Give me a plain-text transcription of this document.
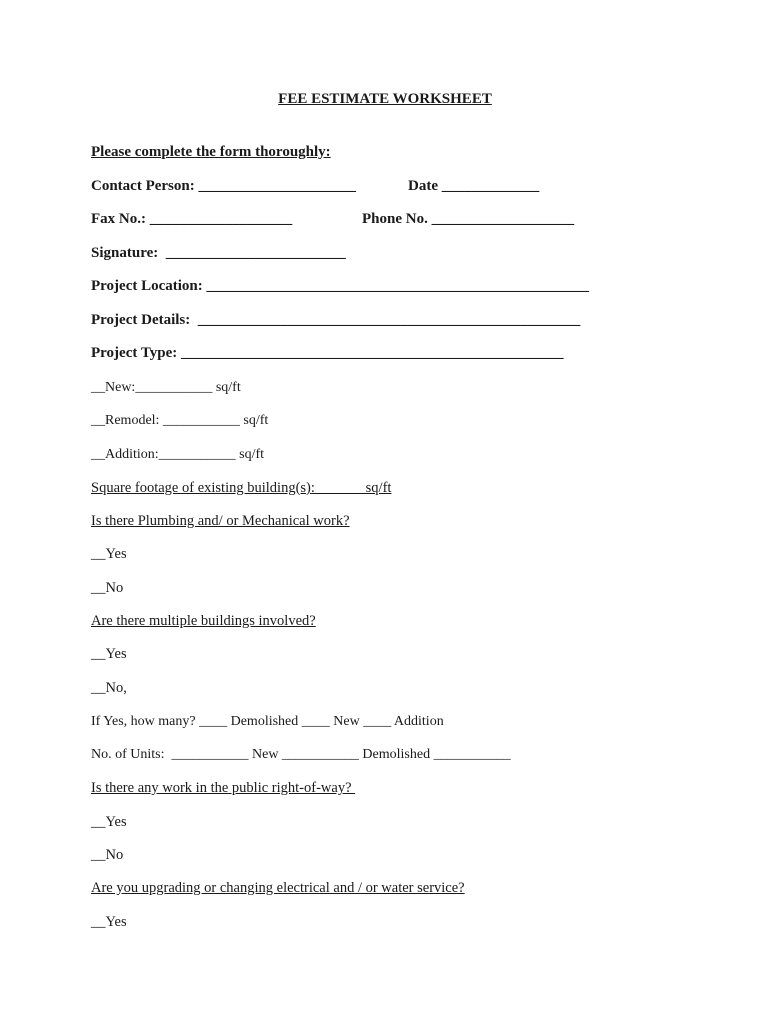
FEE ESTIMATE WORKSHEET
Please complete the form thoroughly:
Contact Person: _____________________	Date _____________
Fax No.: ___________________	Phone No. ___________________
Signature:  ________________________
Project Location: ___________________________________________________
Project Details:  ___________________________________________________
Project Type: ___________________________________________________
__New:___________ sq/ft
__Remodel: ___________ sq/ft
__Addition:___________ sq/ft
Square footage of existing building(s):              sq/ft
Is there Plumbing and/ or Mechanical work?
__Yes
__No
Are there multiple buildings involved?
__Yes
__No,
If Yes, how many? ____ Demolished ____ New ____ Addition
No. of Units:  ___________ New ___________ Demolished ___________
Is there any work in the public right-of-way?
__Yes
__No
Are you upgrading or changing electrical and / or water service?
__Yes
